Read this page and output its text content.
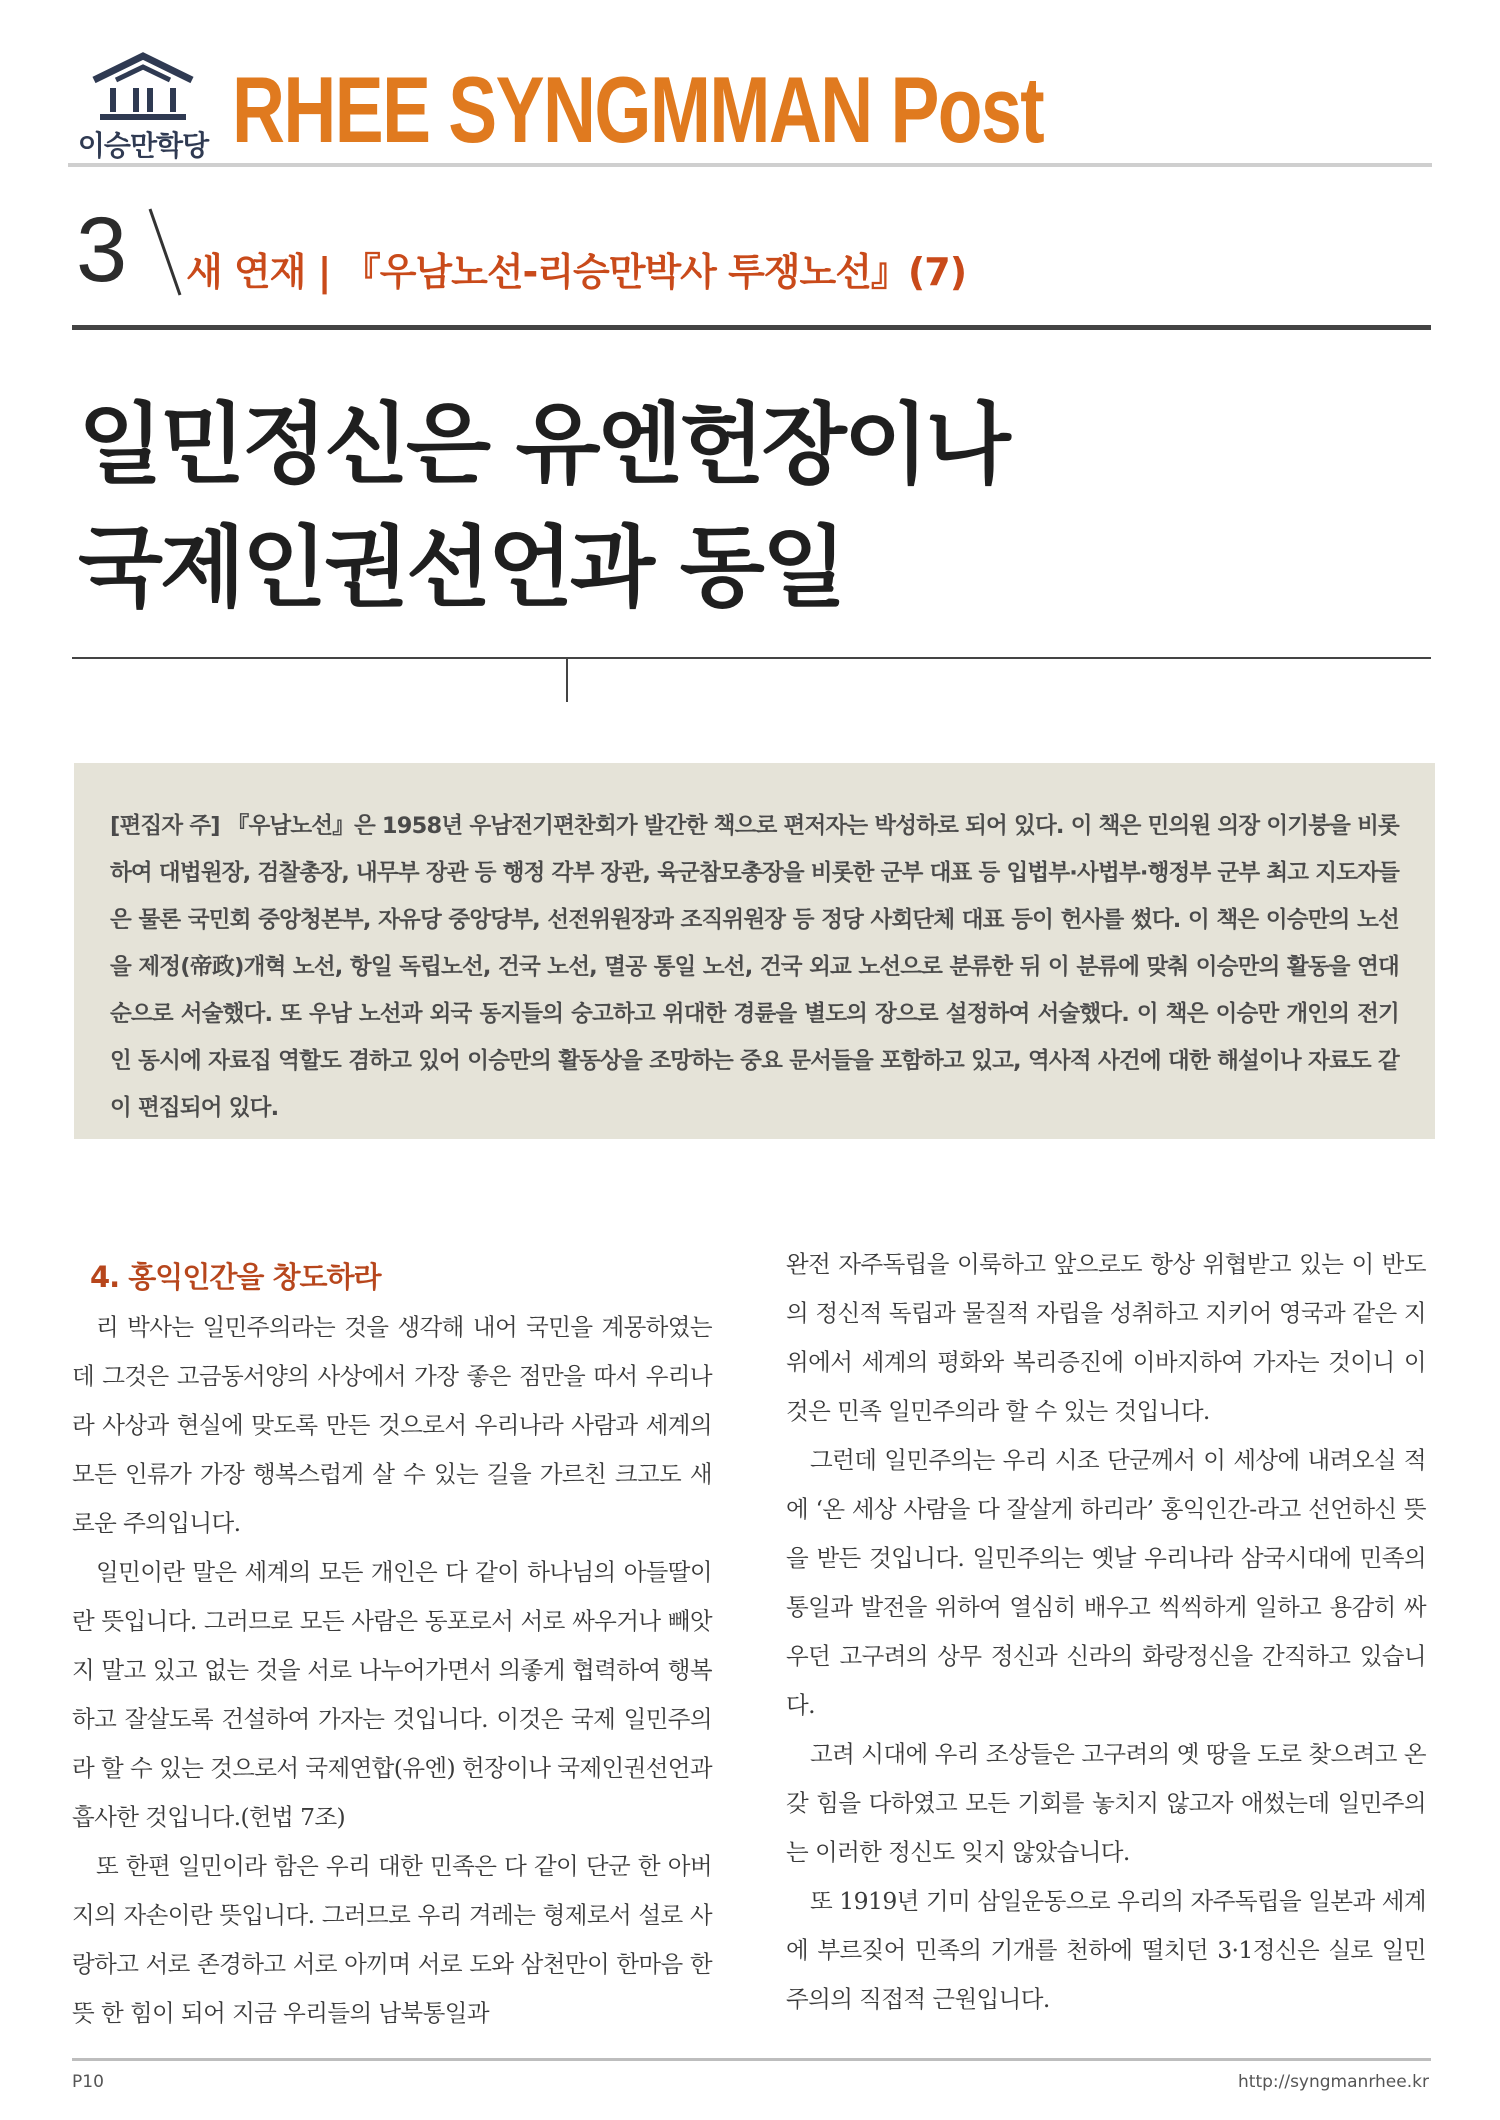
이승만학당 RHEE SYNGMMAN Post
3 새 연재 | 『우남노선-리승만박사 투쟁노선』(7)
일민정신은 유엔헌장이나
국제인권선언과 동일

[편집자 주] 『우남노선』은 1958년 우남전기편찬회가 발간한 책으로 편저자는 박성하로 되어 있다. 이 책은 민의원 의장 이기붕을 비롯하여 대법원장, 검찰총장, 내무부 장관 등 행정 각부 장관, 육군참모총장을 비롯한 군부 대표 등 입법부·사법부·행정부 군부 최고 지도자들은 물론 국민회 중앙청본부, 자유당 중앙당부, 선전위원장과 조직위원장 등 정당 사회단체 대표 등이 헌사를 썼다. 이 책은 이승만의 노선을 제정(帝政)개혁 노선, 항일 독립노선, 건국 노선, 멸공 통일 노선, 건국 외교 노선으로 분류한 뒤 이 분류에 맞춰 이승만의 활동을 연대순으로 서술했다. 또 우남 노선과 외국 동지들의 숭고하고 위대한 경륜을 별도의 장으로 설정하여 서술했다. 이 책은 이승만 개인의 전기인 동시에 자료집 역할도 겸하고 있어 이승만의 활동상을 조망하는 중요 문서들을 포함하고 있고, 역사적 사건에 대한 해설이나 자료도 같이 편집되어 있다.

4. 홍익인간을 창도하라

리 박사는 일민주의라는 것을 생각해 내어 국민을 계몽하였는데 그것은 고금동서양의 사상에서 가장 좋은 점만을 따서 우리나라 사상과 현실에 맞도록 만든 것으로서 우리나라 사람과 세계의 모든 인류가 가장 행복스럽게 살 수 있는 길을 가르친 크고도 새로운 주의입니다.

일민이란 말은 세계의 모든 개인은 다 같이 하나님의 아들딸이란 뜻입니다. 그러므로 모든 사람은 동포로서 서로 싸우거나 빼앗지 말고 있고 없는 것을 서로 나누어가면서 의좋게 협력하여 행복하고 잘살도록 건설하여 가자는 것입니다. 이것은 국제 일민주의라 할 수 있는 것으로서 국제연합(유엔) 헌장이나 국제인권선언과 흡사한 것입니다.(헌법 7조)

또 한편 일민이라 함은 우리 대한 민족은 다 같이 단군 한 아버지의 자손이란 뜻입니다. 그러므로 우리 겨레는 형제로서 설로 사랑하고 서로 존경하고 서로 아끼며 서로 도와 삼천만이 한마음 한뜻 한 힘이 되어 지금 우리들의 남북통일과

완전 자주독립을 이룩하고 앞으로도 항상 위협받고 있는 이 반도의 정신적 독립과 물질적 자립을 성취하고 지키어 영국과 같은 지위에서 세계의 평화와 복리증진에 이바지하여 가자는 것이니 이것은 민족 일민주의라 할 수 있는 것입니다.

그런데 일민주의는 우리 시조 단군께서 이 세상에 내려오실 적에 ‘온 세상 사람을 다 잘살게 하리라’ 홍익인간-라고 선언하신 뜻을 받든 것입니다. 일민주의는 옛날 우리나라 삼국시대에 민족의 통일과 발전을 위하여 열심히 배우고 씩씩하게 일하고 용감히 싸우던 고구려의 상무 정신과 신라의 화랑정신을 간직하고 있습니다.

고려 시대에 우리 조상들은 고구려의 옛 땅을 도로 찾으려고 온갖 힘을 다하였고 모든 기회를 놓치지 않고자 애썼는데 일민주의는 이러한 정신도 잊지 않았습니다.

또 1919년 기미 삼일운동으로 우리의 자주독립을 일본과 세계에 부르짖어 민족의 기개를 천하에 떨치던 3·1정신은 실로 일민주의의 직접적 근원입니다.

P10	http://syngmanrhee.kr
